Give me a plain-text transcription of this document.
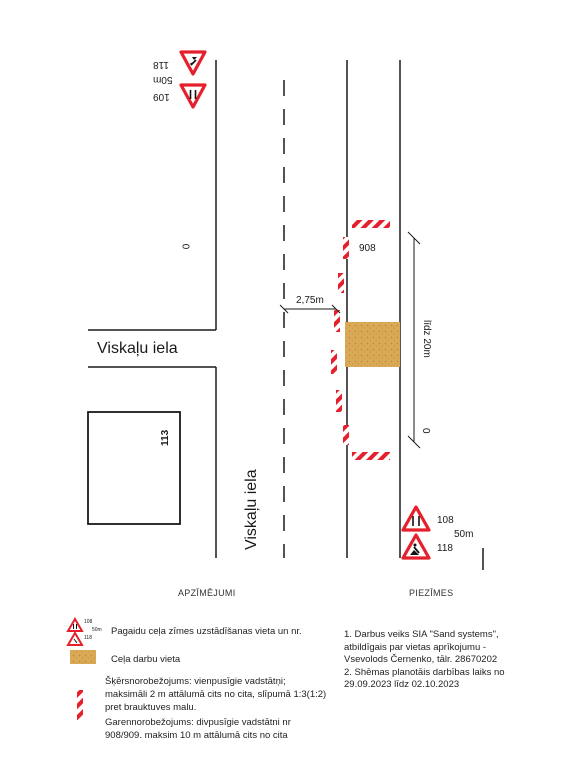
Viskaļu iela
Viskaļu iela
113
118
50m
109
0	908
2,75m
līdz 20m
0
108
50m
118
APZĪMĒJUMI
108
50m
118
Pagaidu ceļa zīmes uzstādīšanas vieta un nr.
Ceļa darbu vieta
Šķērsnorobežojums: vienpusīgie vadstātņi;
maksimāli 2 m attālumā cits no cita, slīpumā 1:3(1:2)
pret brauktuves malu.
Garennorobežojums: divpusīgie vadstātni nr
908/909. maksim 10 m attālumā cits no cita
PIEZĪMES
1. Darbus veiks SIA "Sand systems",
atbildīgais par vietas aprīkojumu -
Vsevolods Černenko, tālr. 28670202
2. Shēmas planotāis darbības laiks no
29.09.2023 līdz 02.10.2023
